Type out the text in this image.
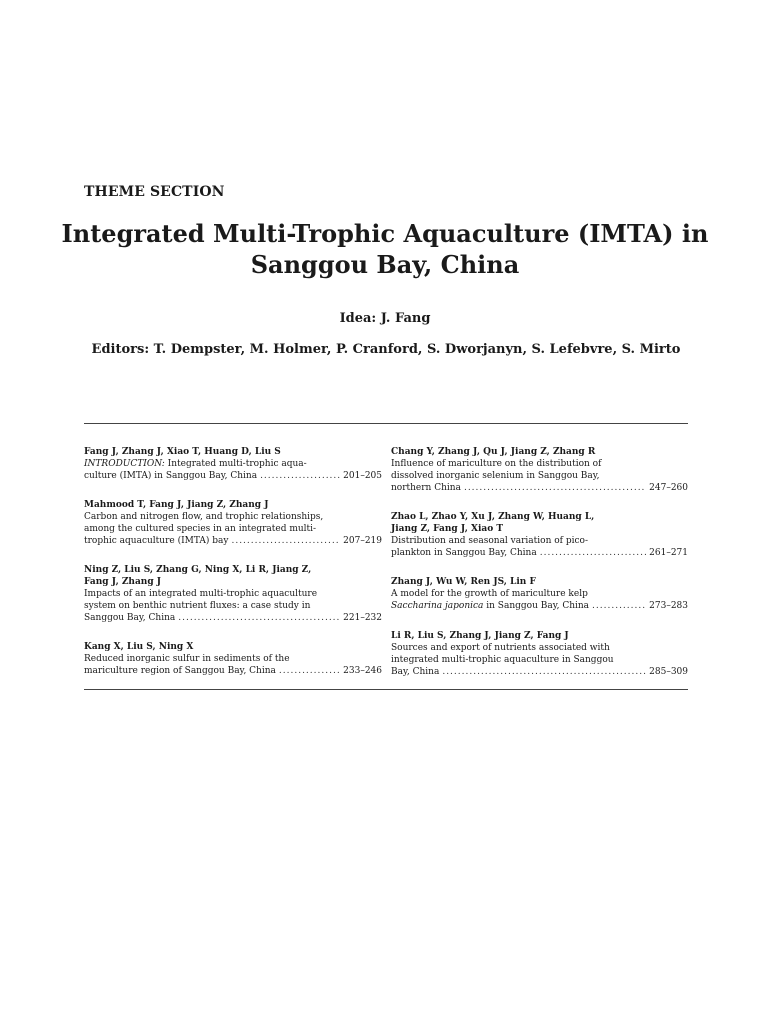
THEME SECTION
Integrated Multi-Trophic Aquaculture (IMTA) in
Sanggou Bay, China
Idea: J. Fang
Editors: T. Dempster, M. Holmer, P. Cranford, S. Dworjanyn, S. Lefebvre, S. Mirto
Fang J, Zhang J, Xiao T, Huang D, Liu S
INTRODUCTION: Integrated multi-trophic aqua-
culture (IMTA) in Sanggou Bay, China .....	201–205
Mahmood T, Fang J, Jiang Z, Zhang J
Carbon and nitrogen flow, and trophic relationships,
among the cultured species in an integrated multi-
trophic aquaculture (IMTA) bay .....	207–219
Ning Z, Liu S, Zhang G, Ning X, Li R, Jiang Z,
Fang J, Zhang J
Impacts of an integrated multi-trophic aquaculture
system on benthic nutrient fluxes: a case study in
Sanggou Bay, China .....	221–232
Kang X, Liu S, Ning X
Reduced inorganic sulfur in sediments of the
mariculture region of Sanggou Bay, China .....	233–246
Chang Y, Zhang J, Qu J, Jiang Z, Zhang R
Influence of mariculture on the distribution of
dissolved inorganic selenium in Sanggou Bay,
northern China .....	247–260
Zhao L, Zhao Y, Xu J, Zhang W, Huang L,
Jiang Z, Fang J, Xiao T
Distribution and seasonal variation of pico-
plankton in Sanggou Bay, China .....	261–271
Zhang J, Wu W, Ren JS, Lin F
A model for the growth of mariculture kelp
Saccharina japonica in Sanggou Bay, China .....	273–283
Li R, Liu S, Zhang J, Jiang Z, Fang J
Sources and export of nutrients associated with
integrated multi-trophic aquaculture in Sanggou
Bay, China .....	285–309
